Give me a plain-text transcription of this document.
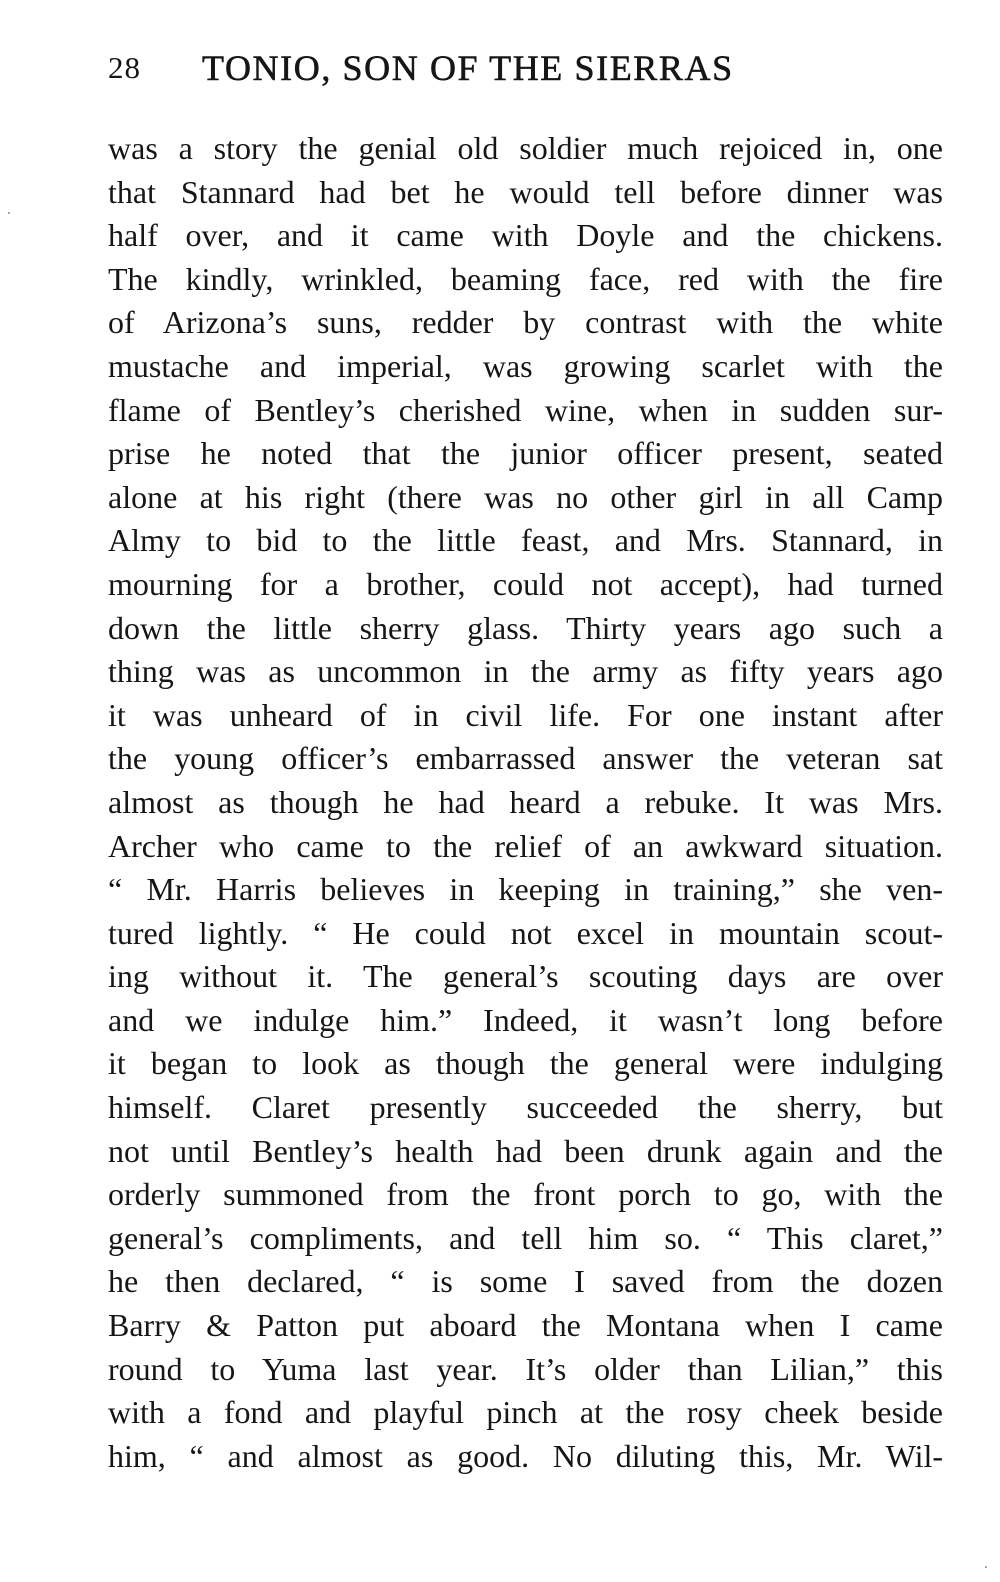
28 TONIO, SON OF THE SIERRAS
was a story the genial old soldier much rejoiced in, one
that Stannard had bet he would tell before dinner was
half over, and it came with Doyle and the chickens.
The kindly, wrinkled, beaming face, red with the fire
of Arizona’s suns, redder by contrast with the white
mustache and imperial, was growing scarlet with the
flame of Bentley’s cherished wine, when in sudden sur-
prise he noted that the junior officer present, seated
alone at his right (there was no other girl in all Camp
Almy to bid to the little feast, and Mrs. Stannard, in
mourning for a brother, could not accept), had turned
down the little sherry glass. Thirty years ago such a
thing was as uncommon in the army as fifty years ago
it was unheard of in civil life. For one instant after
the young officer’s embarrassed answer the veteran sat
almost as though he had heard a rebuke. It was Mrs.
Archer who came to the relief of an awkward situation.
“ Mr. Harris believes in keeping in training,” she ven-
tured lightly. “ He could not excel in mountain scout-
ing without it. The general’s scouting days are over
and we indulge him.” Indeed, it wasn’t long before
it began to look as though the general were indulging
himself. Claret presently succeeded the sherry, but
not until Bentley’s health had been drunk again and the
orderly summoned from the front porch to go, with the
general’s compliments, and tell him so. “ This claret,”
he then declared, “ is some I saved from the dozen
Barry & Patton put aboard the Montana when I came
round to Yuma last year. It’s older than Lilian,” this
with a fond and playful pinch at the rosy cheek beside
him, “ and almost as good. No diluting this, Mr. Wil-
